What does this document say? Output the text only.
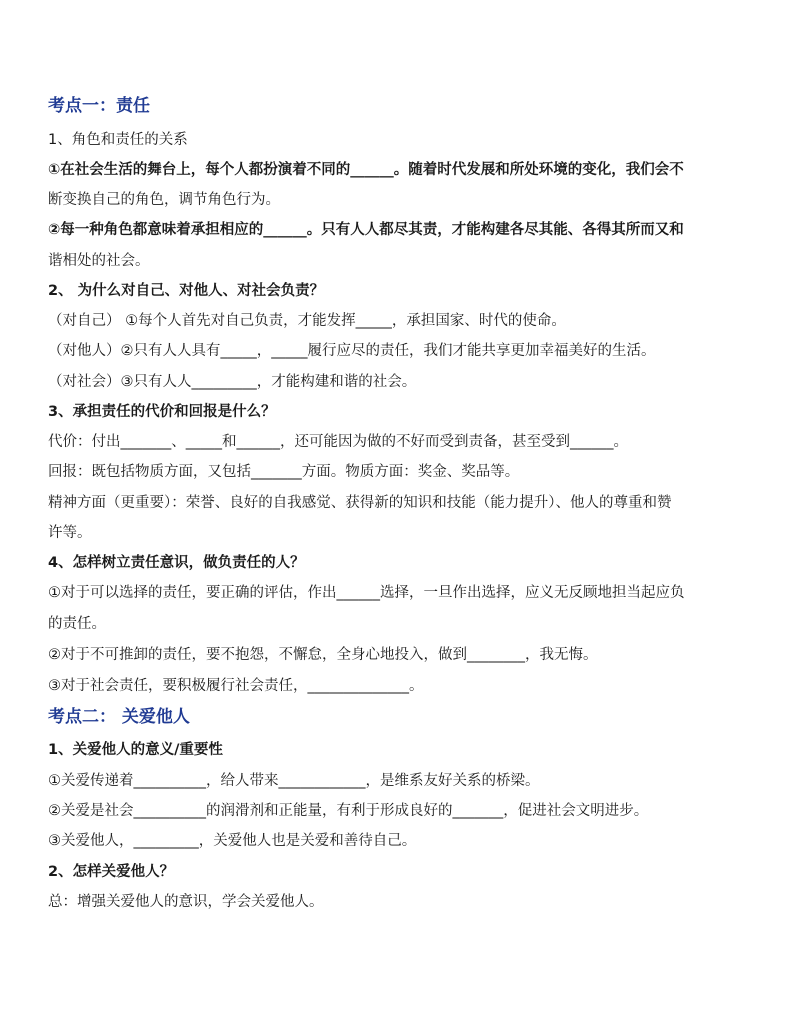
考点一：责任
1、角色和责任的关系
①在社会生活的舞台上，每个人都扮演着不同的______。随着时代发展和所处环境的变化，我们会不
断变换自己的角色，调节角色行为。
②每一种角色都意味着承担相应的______。只有人人都尽其责，才能构建各尽其能、各得其所而又和
谐相处的社会。
2、 为什么对自己、对他人、对社会负责？
（对自己） ①每个人首先对自己负责，才能发挥_____，承担国家、时代的使命。
（对他人）②只有人人具有_____，_____履行应尽的责任，我们才能共享更加幸福美好的生活。
（对社会）③只有人人_________，才能构建和谐的社会。
3、承担责任的代价和回报是什么？
代价：付出_______、_____和______，还可能因为做的不好而受到责备，甚至受到______。
回报：既包括物质方面，又包括_______方面。物质方面：奖金、奖品等。
精神方面（更重要）：荣誉、良好的自我感觉、获得新的知识和技能（能力提升）、他人的尊重和赞
许等。
4、怎样树立责任意识，做负责任的人？
①对于可以选择的责任，要正确的评估，作出______选择，一旦作出选择，应义无反顾地担当起应负
的责任。
②对于不可推卸的责任，要不抱怨，不懈怠，全身心地投入，做到________，我无悔。
③对于社会责任，要积极履行社会责任，______________。
考点二： 关爱他人
1、关爱他人的意义/重要性
①关爱传递着__________，给人带来____________，是维系友好关系的桥梁。
②关爱是社会__________的润滑剂和正能量，有利于形成良好的_______，促进社会文明进步。
③关爱他人，_________，关爱他人也是关爱和善待自己。
2、怎样关爱他人？
总：增强关爱他人的意识，学会关爱他人。
